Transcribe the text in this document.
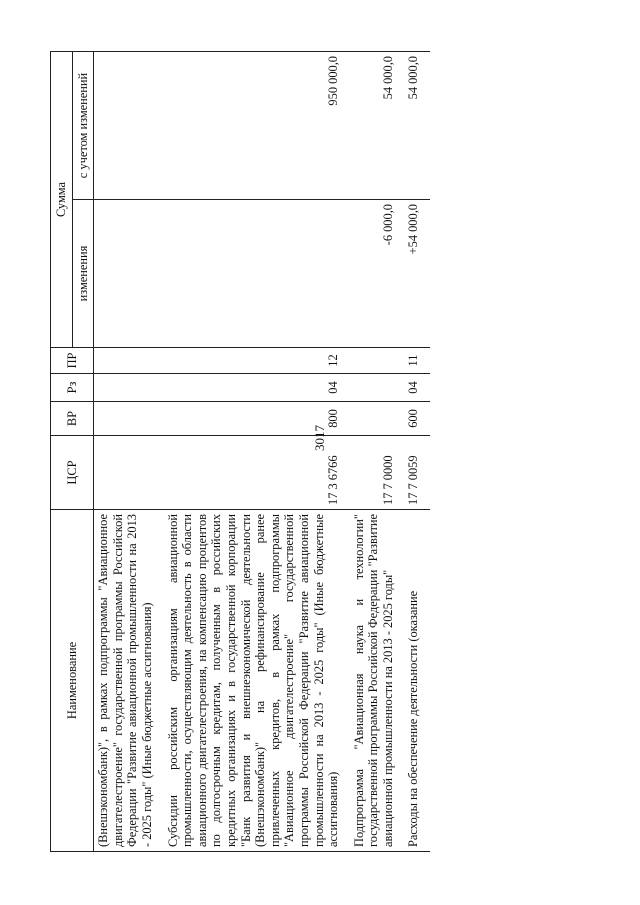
3017
Наименование	ЦСР	ВР	Рз	ПР	Сумма	
					изменения	с учетом изменений
(Внешэкономбанк)", в рамках подпрограммы "Авиационное двигателестроение" государственной программы Российской Федерации "Развитие авиационной промышленности на 2013 - 2025 годы" (Иные бюджетные ассигнования)						
Субсидии российским организациям авиационной промышленности, осуществляющим деятельность в области авиационного двигателестроения, на компенсацию процентов по долгосрочным кредитам, полученным в российских кредитных организациях и в государственной корпорации "Банк развития и внешнеэкономической деятельности (Внешэкономбанк)" на рефинансирование ранее привлеченных кредитов, в рамках подпрограммы "Авиационное двигателестроение" государственной программы Российской Федерации "Развитие авиационной промышленности на 2013 - 2025 годы" (Иные бюджетные ассигнования)	17 3 6766	800	04	12		950 000,0
Подпрограмма "Авиационная наука и технологии" государственной программы Российской Федерации "Развитие авиационной промышленности на 2013 - 2025 годы"	17 7 0000				-6 000,0	54 000,0
Расходы на обеспечение деятельности (оказание	17 7 0059	600	04	11	+54 000,0	54 000,0
